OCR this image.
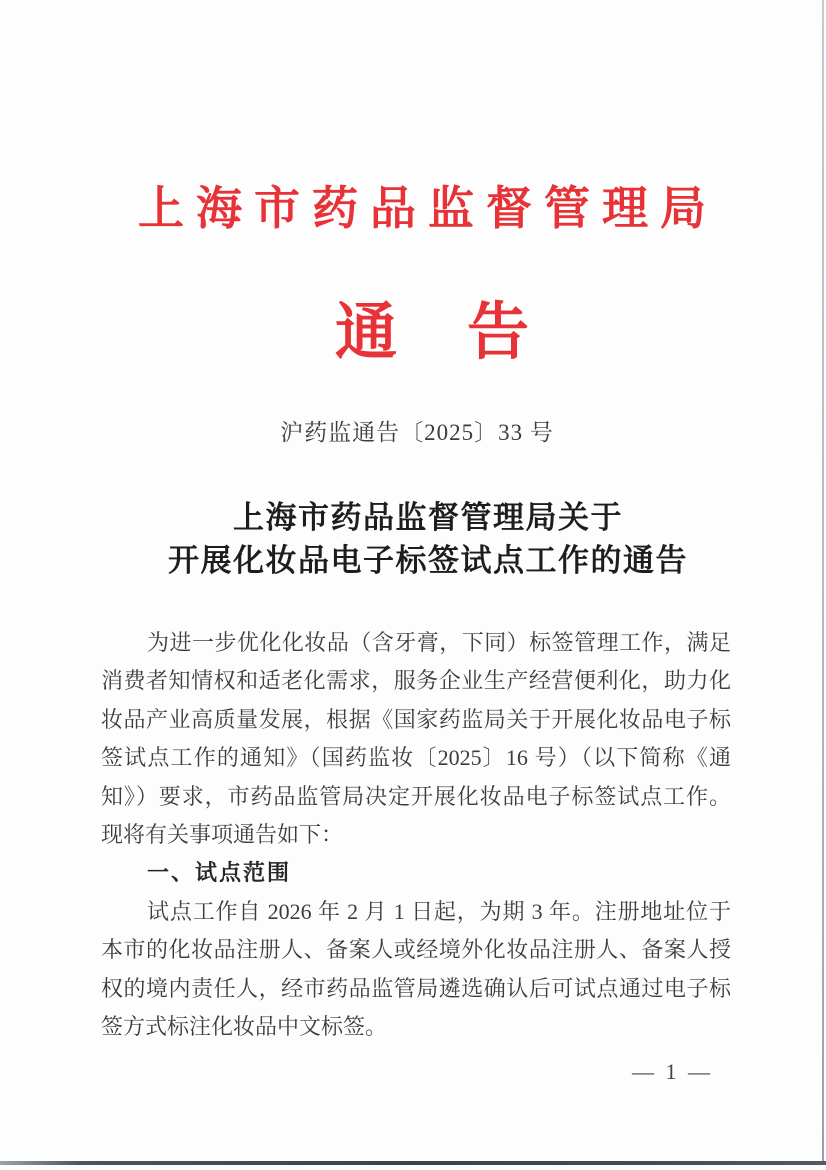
上海市药品监督管理局
通 告
沪药监通告〔2025〕33 号
上海市药品监督管理局关于
开展化妆品电子标签试点工作的通告
为进一步优化化妆品（含牙膏，下同）标签管理工作，满足
消费者知情权和适老化需求，服务企业生产经营便利化，助力化
妆品产业高质量发展，根据《国家药监局关于开展化妆品电子标
签试点工作的通知》（国药监妆〔2025〕16 号）（以下简称《通
知》）要求，市药品监管局决定开展化妆品电子标签试点工作。
现将有关事项通告如下：
一、试点范围
试点工作自 2026 年 2 月 1 日起，为期 3 年。注册地址位于
本市的化妆品注册人、备案人或经境外化妆品注册人、备案人授
权的境内责任人，经市药品监管局遴选确认后可试点通过电子标
签方式标注化妆品中文标签。
— 1 —
